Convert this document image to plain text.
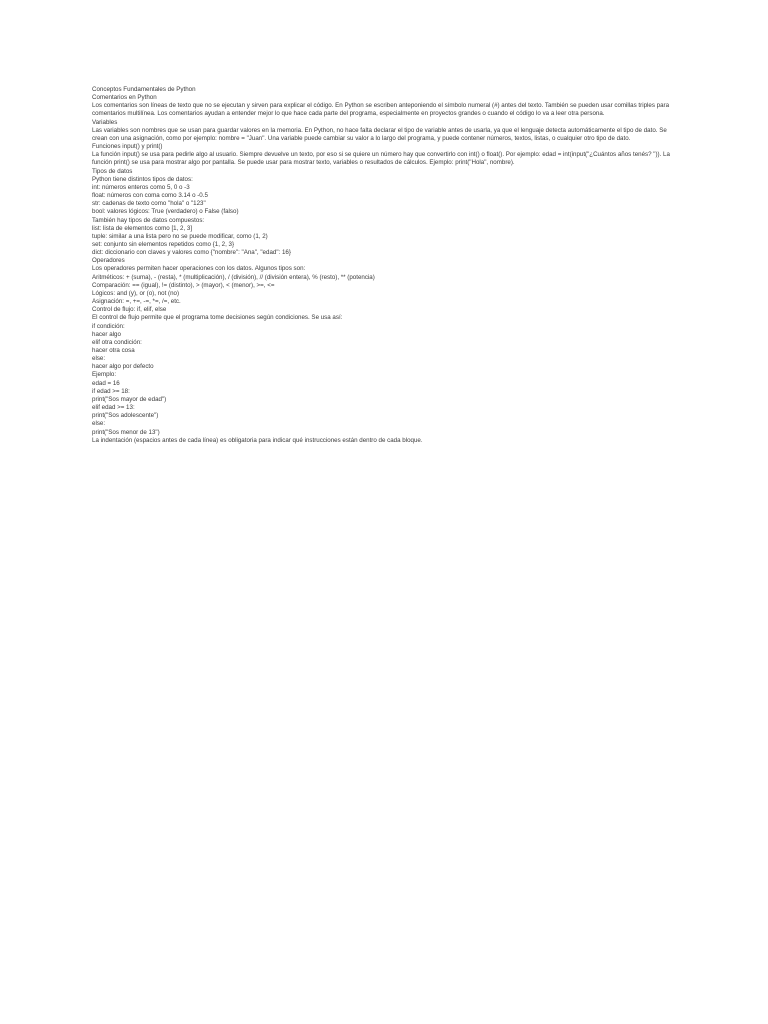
Conceptos Fundamentales de Python
Comentarios en Python
Los comentarios son líneas de texto que no se ejecutan y sirven para explicar el código. En Python se escriben anteponiendo el símbolo numeral (#) antes del texto. También se pueden usar comillas triples para comentarios multilínea. Los comentarios ayudan a entender mejor lo que hace cada parte del programa, especialmente en proyectos grandes o cuando el código lo va a leer otra persona.
Variables
Las variables son nombres que se usan para guardar valores en la memoria. En Python, no hace falta declarar el tipo de variable antes de usarla, ya que el lenguaje detecta automáticamente el tipo de dato. Se crean con una asignación, como por ejemplo: nombre = "Juan". Una variable puede cambiar su valor a lo largo del programa, y puede contener números, textos, listas, o cualquier otro tipo de dato.
Funciones input() y print()
La función input() se usa para pedirle algo al usuario. Siempre devuelve un texto, por eso si se quiere un número hay que convertirlo con int() o float(). Por ejemplo: edad = int(input("¿Cuántos años tenés? ")). La función print() se usa para mostrar algo por pantalla. Se puede usar para mostrar texto, variables o resultados de cálculos. Ejemplo: print("Hola", nombre).
Tipos de datos
Python tiene distintos tipos de datos:
int: números enteros como 5, 0 o -3
float: números con coma como 3.14 o -0.5
str: cadenas de texto como "hola" o "123"
bool: valores lógicos: True (verdadero) o False (falso)
También hay tipos de datos compuestos:
list: lista de elementos como [1, 2, 3]
tuple: similar a una lista pero no se puede modificar, como (1, 2)
set: conjunto sin elementos repetidos como {1, 2, 3}
dict: diccionario con claves y valores como {"nombre": "Ana", "edad": 16}
Operadores
Los operadores permiten hacer operaciones con los datos. Algunos tipos son:
Aritméticos: + (suma), - (resta), * (multiplicación), / (división), // (división entera), % (resto), ** (potencia)
Comparación: == (igual), != (distinto), > (mayor), < (menor), >=, <=
Lógicos: and (y), or (o), not (no)
Asignación: =, +=, -=, *=, /=, etc.
Control de flujo: if, elif, else
El control de flujo permite que el programa tome decisiones según condiciones. Se usa así:
if condición:
hacer algo
elif otra condición:
hacer otra cosa
else:
hacer algo por defecto
Ejemplo:
edad = 16
if edad >= 18:
print("Sos mayor de edad")
elif edad >= 13:
print("Sos adolescente")
else:
print("Sos menor de 13")
La indentación (espacios antes de cada línea) es obligatoria para indicar qué instrucciones están dentro de cada bloque.
